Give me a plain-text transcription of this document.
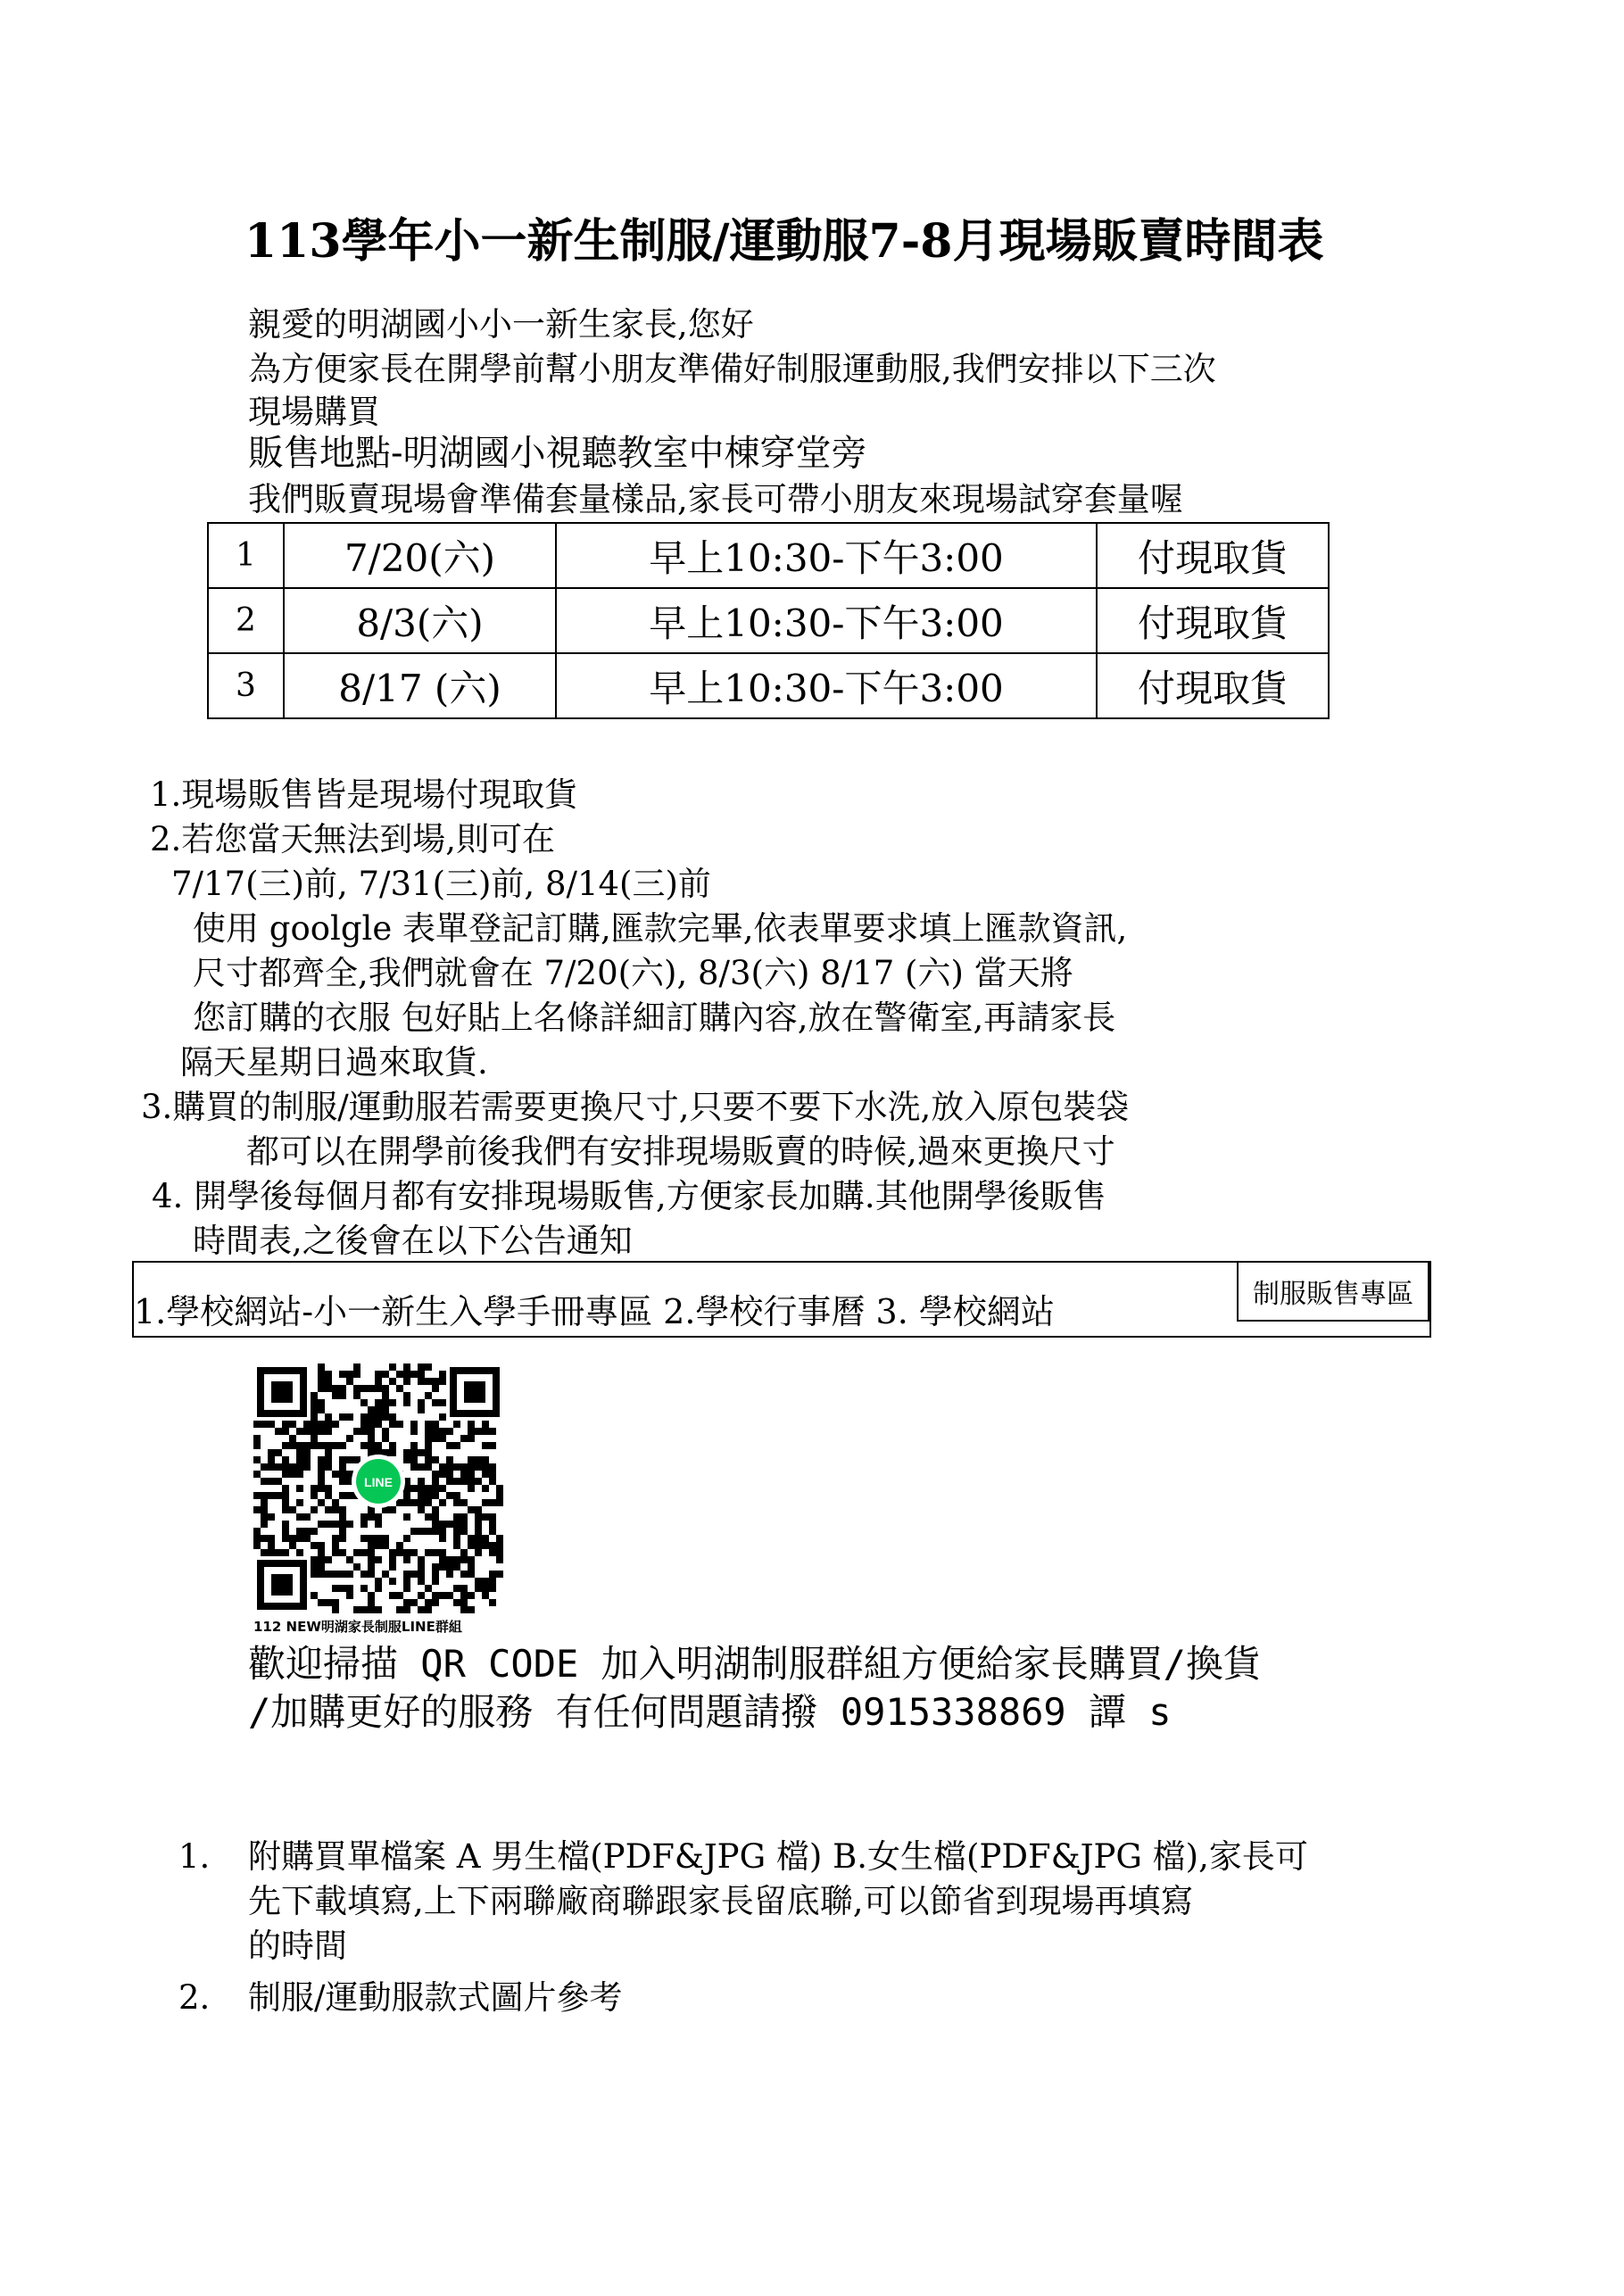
113學年小一新生制服/運動服7-8月現場販賣時間表
親愛的明湖國小小一新生家長,您好
為方便家長在開學前幫小朋友準備好制服運動服,我們安排以下三次
現場購買
販售地點-明湖國小視聽教室中棟穿堂旁
我們販賣現場會準備套量樣品,家長可帶小朋友來現場試穿套量喔
1	7/20(六)	早上10:30-下午3:00	付現取貨
2	8/3(六)	早上10:30-下午3:00	付現取貨
3	8/17 (六)	早上10:30-下午3:00	付現取貨
1.現場販售皆是現場付現取貨
2.若您當天無法到場,則可在
7/17(三)前, 7/31(三)前, 8/14(三)前
使用 goolgle 表單登記訂購,匯款完畢,依表單要求填上匯款資訊,
尺寸都齊全,我們就會在 7/20(六), 8/3(六) 8/17 (六) 當天將
您訂購的衣服 包好貼上名條詳細訂購內容,放在警衛室,再請家長
隔天星期日過來取貨.
3.購買的制服/運動服若需要更換尺寸,只要不要下水洗,放入原包裝袋
都可以在開學前後我們有安排現場販賣的時候,過來更換尺寸
4. 開學後每個月都有安排現場販售,方便家長加購.其他開學後販售
時間表,之後會在以下公告通知
1.學校網站-小一新生入學手冊專區 2.學校行事曆 3. 學校網站	制服販售專區
LINE
112 NEW明湖家長制服LINE群組
歡迎掃描 QR CODE 加入明湖制服群組方便給家長購買/換貨
/加購更好的服務 有任何問題請撥 0915338869 譚 s
1. 附購買單檔案 A 男生檔(PDF&JPG 檔) B.女生檔(PDF&JPG 檔),家長可
先下載填寫,上下兩聯廠商聯跟家長留底聯,可以節省到現場再填寫
的時間
2. 制服/運動服款式圖片參考
